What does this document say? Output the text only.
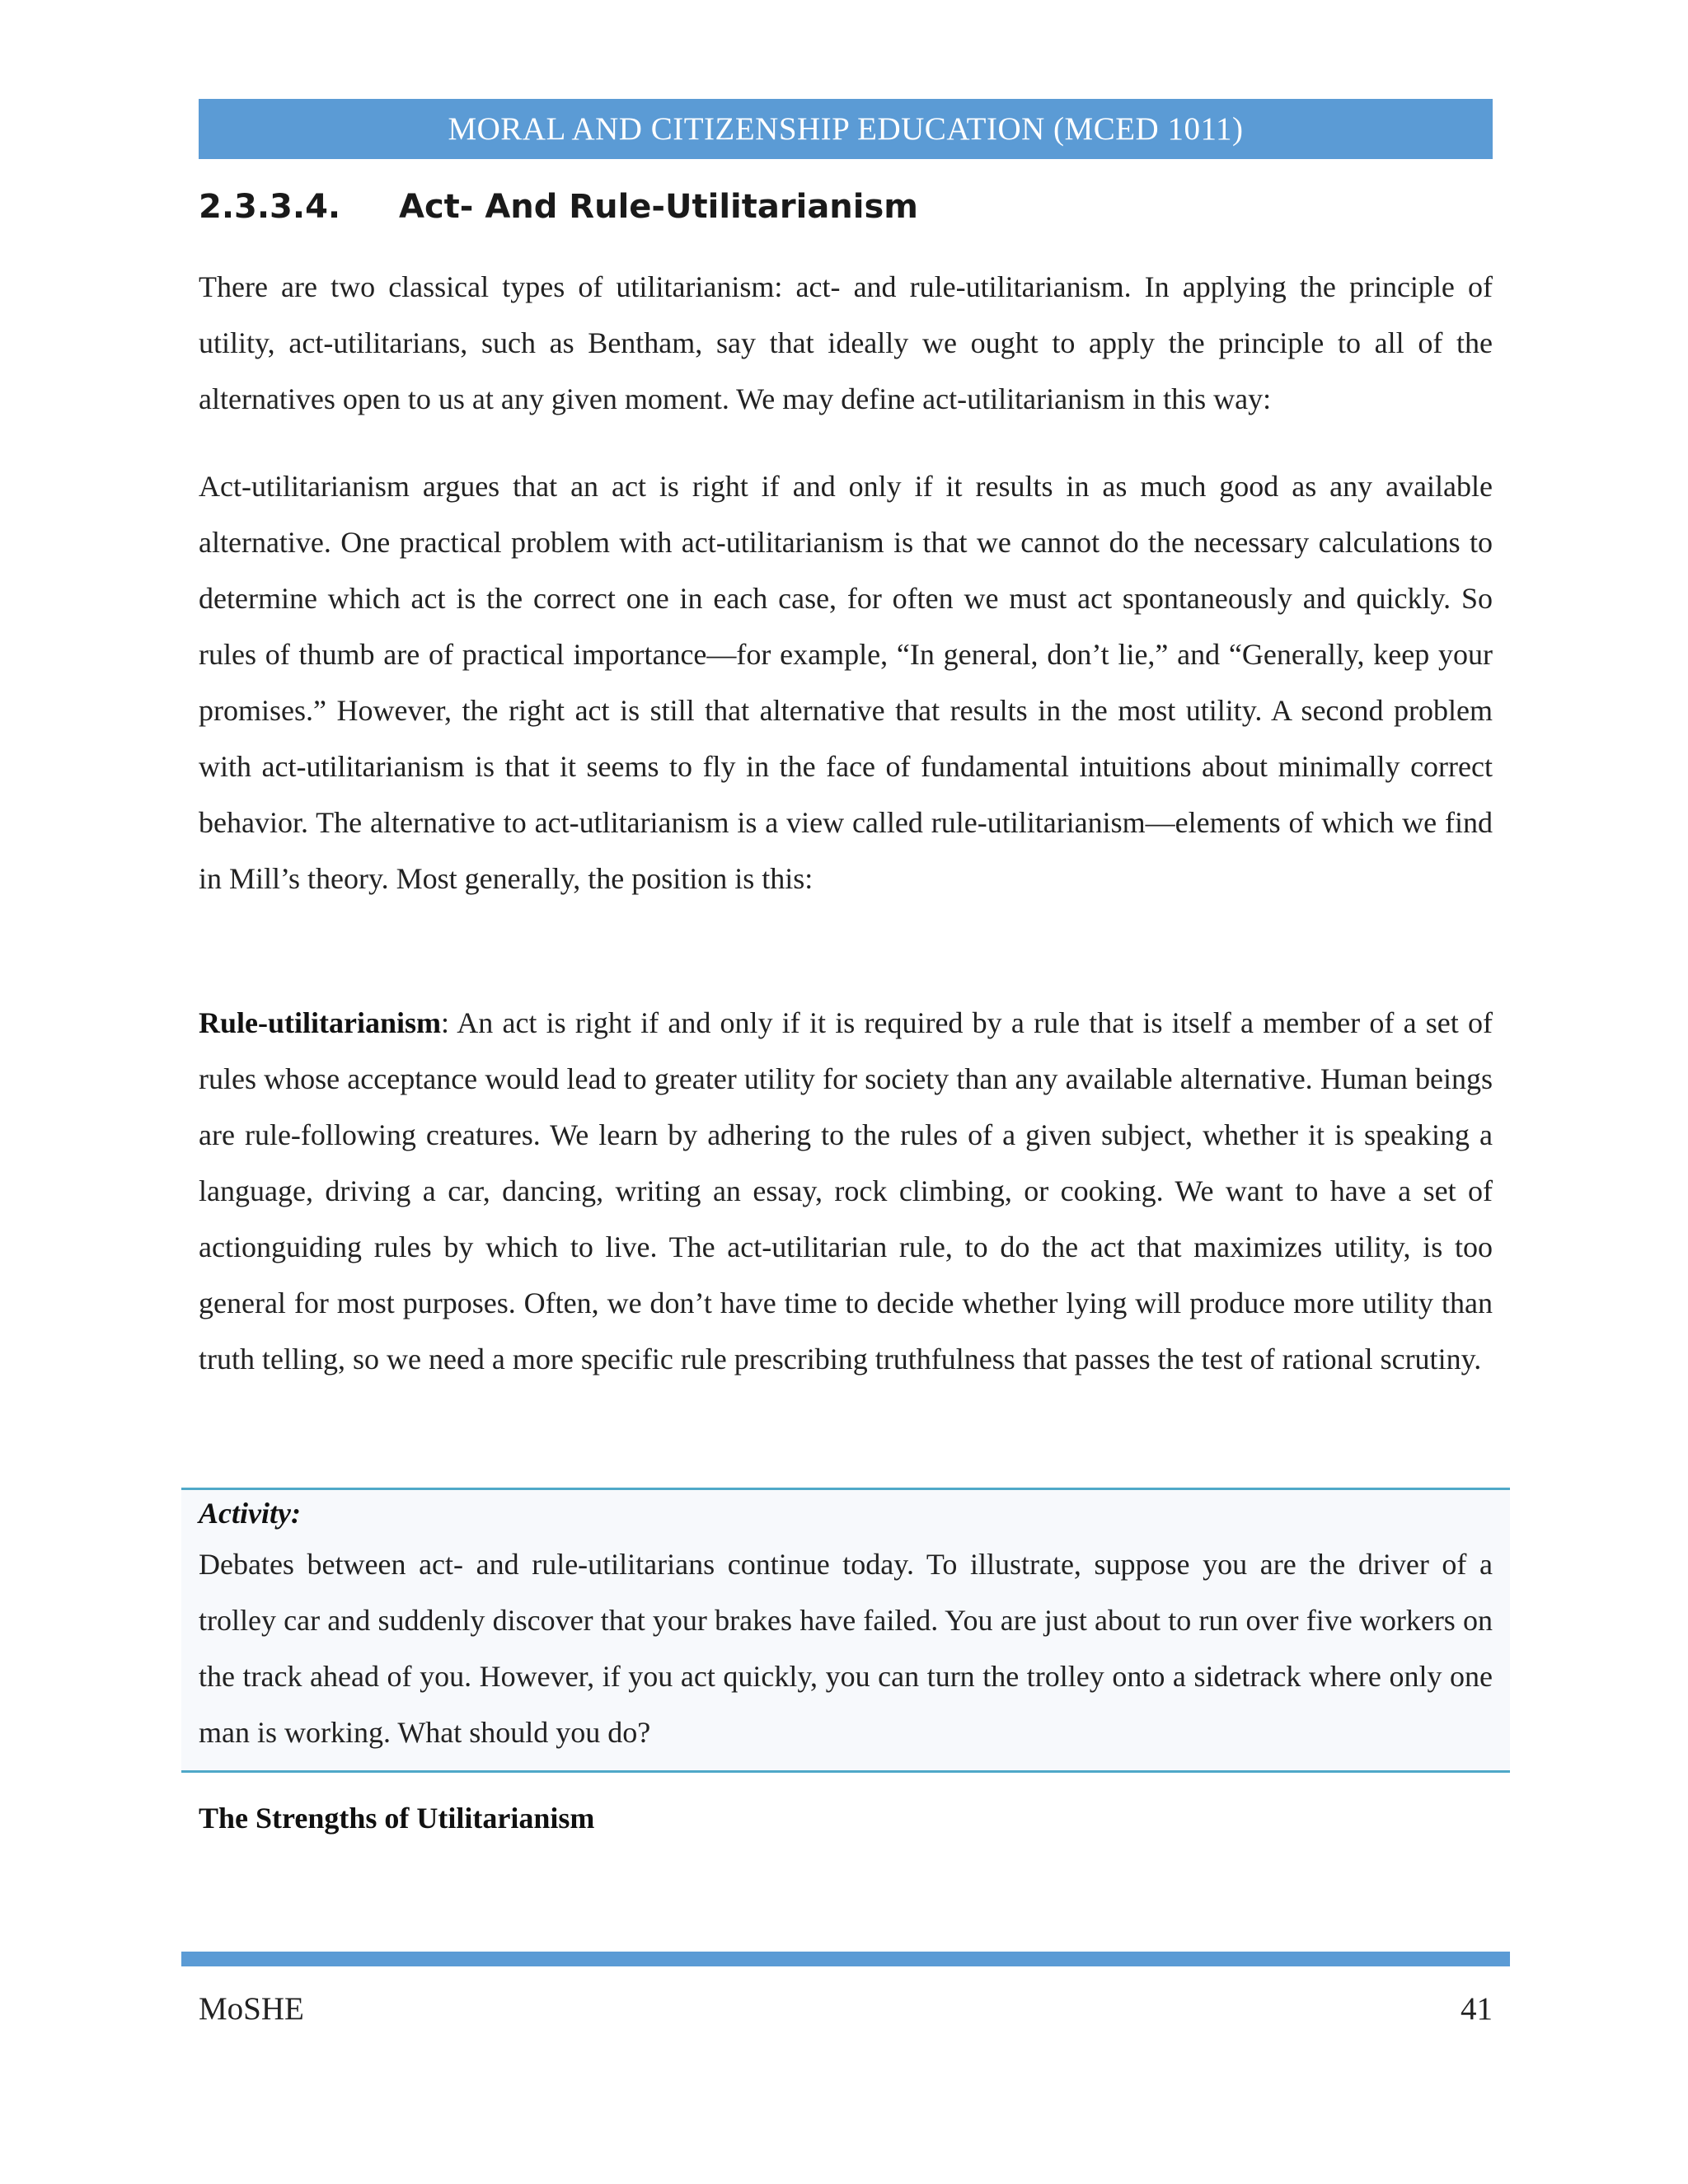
MORAL AND CITIZENSHIP EDUCATION (MCED 1011)
2.3.3.4. Act- And Rule-Utilitarianism

There are two classical types of utilitarianism: act- and rule-utilitarianism. In applying the principle of utility, act-utilitarians, such as Bentham, say that ideally we ought to apply the principle to all of the alternatives open to us at any given moment. We may define act-utilitarianism in this way:

Act-utilitarianism argues that an act is right if and only if it results in as much good as any available alternative. One practical problem with act-utilitarianism is that we cannot do the necessary calculations to determine which act is the correct one in each case, for often we must act spontaneously and quickly. So rules of thumb are of practical importance—for example, “In general, don’t lie,” and “Generally, keep your promises.” However, the right act is still that alternative that results in the most utility. A second problem with act-utilitarianism is that it seems to fly in the face of fundamental intuitions about minimally correct behavior. The alternative to act-utlitarianism is a view called rule-utilitarianism—elements of which we find in Mill’s theory. Most generally, the position is this:

Rule-utilitarianism: An act is right if and only if it is required by a rule that is itself a member of a set of rules whose acceptance would lead to greater utility for society than any available alternative. Human beings are rule-following creatures. We learn by adhering to the rules of a given subject, whether it is speaking a language, driving a car, dancing, writing an essay, rock climbing, or cooking. We want to have a set of actionguiding rules by which to live. The act-utilitarian rule, to do the act that maximizes utility, is too general for most purposes. Often, we don’t have time to decide whether lying will produce more utility than truth telling, so we need a more specific rule prescribing truthfulness that passes the test of rational scrutiny.

Activity:

Debates between act- and rule-utilitarians continue today. To illustrate, suppose you are the driver of a trolley car and suddenly discover that your brakes have failed. You are just about to run over five workers on the track ahead of you. However, if you act quickly, you can turn the trolley onto a sidetrack where only one man is working. What should you do?

The Strengths of Utilitarianism
MoSHE	41
